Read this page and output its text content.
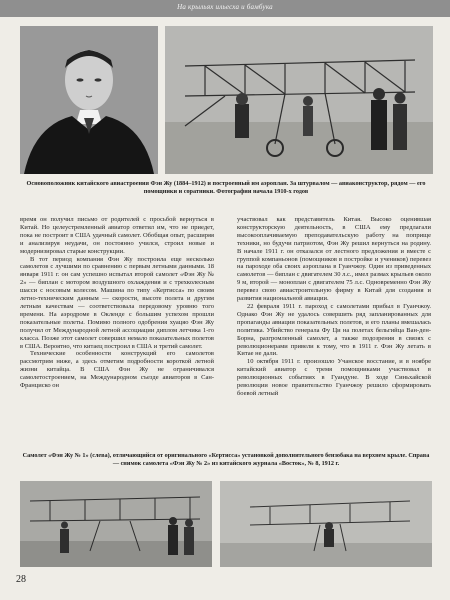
На крыльях ильесха и бамбука
Основоположник китайского авиастроения Фэн Жу (1884–1912) и построенный им аэроплан. За штурвалом — авиаконструктор, рядом — его помощники и соратники. Фотографии начала 1910-х годов

время он получил письмо от родителей с просьбой вернуться в Китай. Но целеустремленный авиатор ответил им, что не приедет, пока не построит в США удачный самолет. Обобщая опыт, расширяя и анализируя неудачи, он постоянно учился, строил новые и модернизировал старые конструкции.

В тот период компания Фэн Жу построила еще несколько самолетов с лучшими по сравнению с первым летными данными. 18 января 1911 г. он сам успешно испытал второй самолет «Фэн Жу № 2» — биплан с мотором воздушного охлаждения и с трехколесным шасси с носовым колесом. Машина по типу «Кертисса» по своим летно-техническим данным — скорости, высоте полета и другим летным качествам — соответствовала передовому уровню того времени. На аэродроме в Окленде с большим успехом прошли показательные полеты. Помимо полного одобрения хуацяо Фэн Жу получил от Международной летной ассоциации диплом летчика 1-го класса. Позже этот самолет совершил немало показательных полетов в США. Вероятно, что китаец построил в США и третий самолет.

Технические особенности конструкций его самолетов рассмотрим ниже, а здесь отметим подробности короткой летной жизни китайца. В США Фэн Жу не ограничивался самолетостроением, на Международном съезде авиаторов в Сан-Франциско он

участвовал как представитель Китая. Высоко оценившая конструкторскую деятельность, в США ему предлагали высокооплачиваемую преподавательскую работу на поприще техники, но будучи патриотом, Фэн Жу решил вернуться на родину. В начале 1911 г. он отказался от лестного предложения и вместе с группой компаньонов (помощников в постройке и учеников) перевез на пароходе оба своих аэроплана в Гуанчжоу. Один из приведенных самолетов — биплан с двигателем 30 л.с., имел размах крыльев около 9 м, второй — моноплан с двигателем 75 л.с. Одновременно Фэн Жу перевез свою авиастроительную фирму в Китай для создания и развития национальной авиации.

22 февраля 1911 г. пароход с самолетами прибыл в Гуанчжоу. Однако Фэн Жу не удалось совершить ряд запланированных для пропаганды авиации показательных полетов, и его планы вмешалась политика. Убийство генерала Фу Ци на полетах бельгийца Ван-ден-Борна, разгромленный самолет, а также подозрения в связях с революционерами привели к тому, что в 1911 г. Фэн Жу летать в Китае не дали.

10 октября 1911 г. произошло Учанское восстание, и в ноябре китайский авиатор с тремя помощниками участвовал в революционных событиях в Гуандуне. В ходе Синьхайской революции новое правительство Гуанчжоу решило сформировать боевой летный

Самолет «Фэн Жу № 1» (слева), отличающийся от оригинального «Кертисса» установкой дополнительного бензобака на верхнем крыле. Справа — снимок самолета «Фэн Жу № 2» из китайского журнала «Восток», № 8, 1912 г.
28
